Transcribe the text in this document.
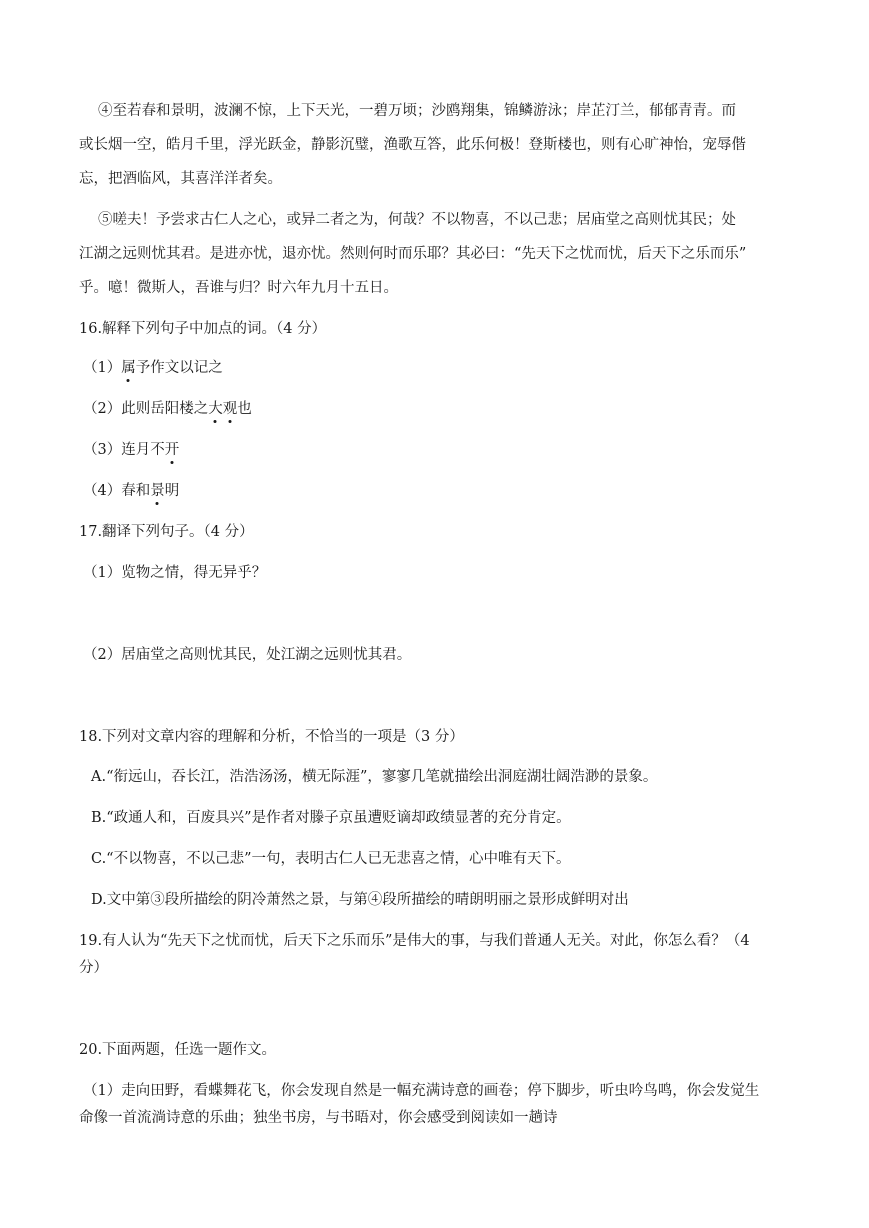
④至若春和景明，波澜不惊，上下天光，一碧万顷；沙鸥翔集，锦鳞游泳；岸芷汀兰，郁郁青青。而
或长烟一空，皓月千里，浮光跃金，静影沉璧，渔歌互答，此乐何极！登斯楼也，则有心旷神怡，宠辱偕
忘，把酒临风，其喜洋洋者矣。
⑤嗟夫！予尝求古仁人之心，或异二者之为，何哉？不以物喜，不以己悲；居庙堂之高则忧其民；处
江湖之远则忧其君。是进亦忧，退亦忧。然则何时而乐耶？其必曰：“先天下之忧而忧，后天下之乐而乐”
乎。噫！微斯人，吾谁与归？时六年九月十五日。
16.解释下列句子中加点的词。（4 分）
（1）属予作文以记之
（2）此则岳阳楼之大观也
（3）连月不开
（4）春和景明
17.翻译下列句子。（4 分）
（1）览物之情，得无异乎？
（2）居庙堂之高则忧其民，处江湖之远则忧其君。
18.下列对文章内容的理解和分析，不恰当的一项是（3 分）
A.“衔远山，吞长江，浩浩汤汤，横无际涯”，寥寥几笔就描绘出洞庭湖壮阔浩渺的景象。
B.“政通人和，百废具兴”是作者对滕子京虽遭贬谪却政绩显著的充分肯定。
C.“不以物喜，不以己悲”一句，表明古仁人已无悲喜之情，心中唯有天下。
D.文中第③段所描绘的阴冷萧然之景，与第④段所描绘的晴朗明丽之景形成鲜明对出
19.有人认为“先天下之忧而忧，后天下之乐而乐”是伟大的事，与我们普通人无关。对此，你怎么看？（4
分）
20.下面两题，任选一题作文。
（1）走向田野，看蝶舞花飞，你会发现自然是一幅充满诗意的画卷；停下脚步，听虫吟鸟鸣，你会发觉生
命像一首流淌诗意的乐曲；独坐书房，与书晤对，你会感受到阅读如一趟诗
